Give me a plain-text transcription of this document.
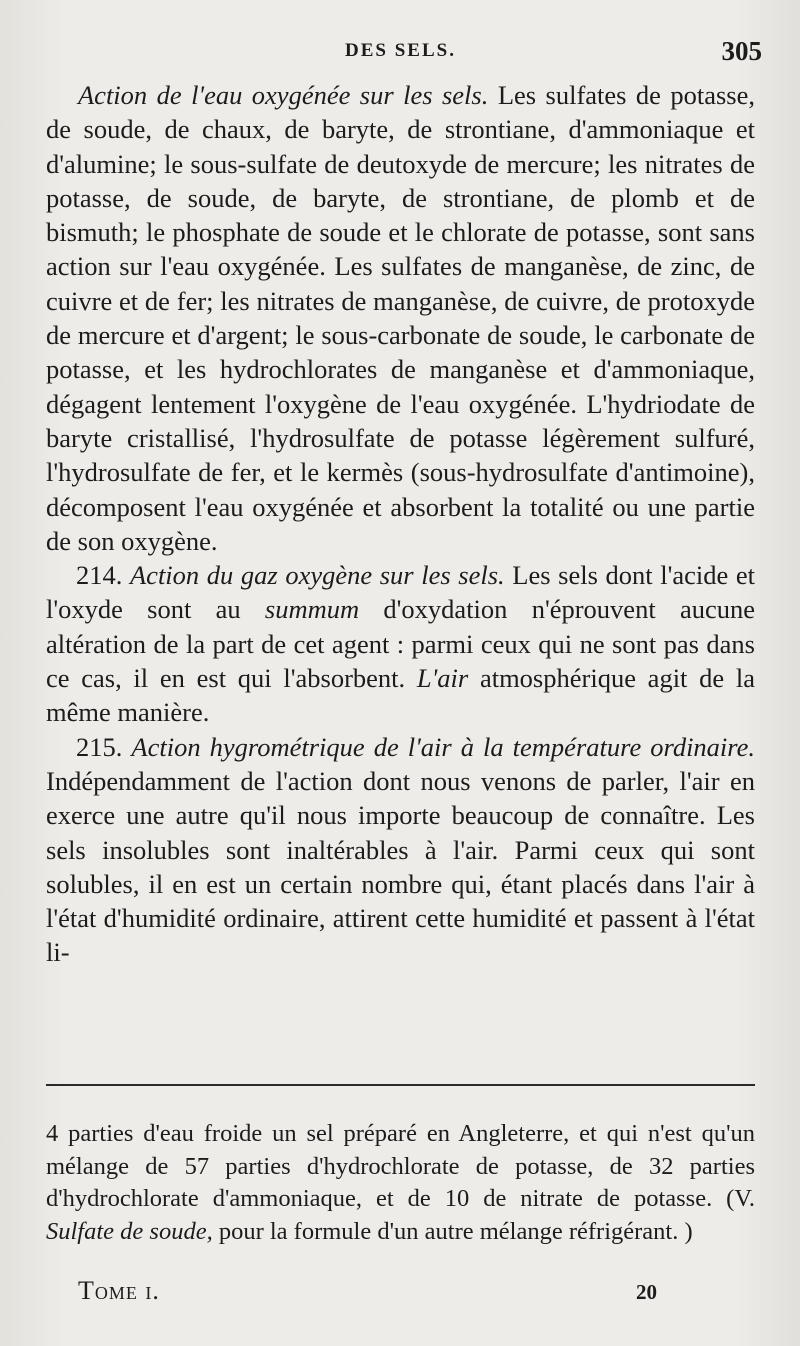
DES SELS.	305

Action de l'eau oxygénée sur les sels. Les sulfates de potasse, de soude, de chaux, de baryte, de strontiane, d'ammoniaque et d'alumine; le sous-sulfate de deutoxyde de mercure; les nitrates de potasse, de soude, de baryte, de strontiane, de plomb et de bismuth; le phosphate de soude et le chlorate de potasse, sont sans action sur l'eau oxygénée. Les sulfates de manganèse, de zinc, de cuivre et de fer; les nitrates de manganèse, de cuivre, de protoxyde de mercure et d'argent; le sous-carbonate de soude, le carbonate de potasse, et les hydrochlorates de manganèse et d'ammoniaque, dégagent lentement l'oxygène de l'eau oxygénée. L'hydriodate de baryte cristallisé, l'hydrosulfate de potasse légèrement sulfuré, l'hydrosulfate de fer, et le kermès (sous-hydrosulfate d'antimoine), décomposent l'eau oxygénée et absorbent la totalité ou une partie de son oxygène.

214. Action du gaz oxygène sur les sels. Les sels dont l'acide et l'oxyde sont au summum d'oxydation n'éprouvent aucune altération de la part de cet agent : parmi ceux qui ne sont pas dans ce cas, il en est qui l'absorbent. L'air atmosphérique agit de la même manière.

215. Action hygrométrique de l'air à la température ordinaire. Indépendamment de l'action dont nous venons de parler, l'air en exerce une autre qu'il nous importe beaucoup de connaître. Les sels insolubles sont inaltérables à l'air. Parmi ceux qui sont solubles, il en est un certain nombre qui, étant placés dans l'air à l'état d'humidité ordinaire, attirent cette humidité et passent à l'état li-

4 parties d'eau froide un sel préparé en Angleterre, et qui n'est qu'un mélange de 57 parties d'hydrochlorate de potasse, de 32 parties d'hydrochlorate d'ammoniaque, et de 10 de nitrate de potasse. (V. Sulfate de soude, pour la formule d'un autre mélange réfrigérant. )

Tome i.	20
